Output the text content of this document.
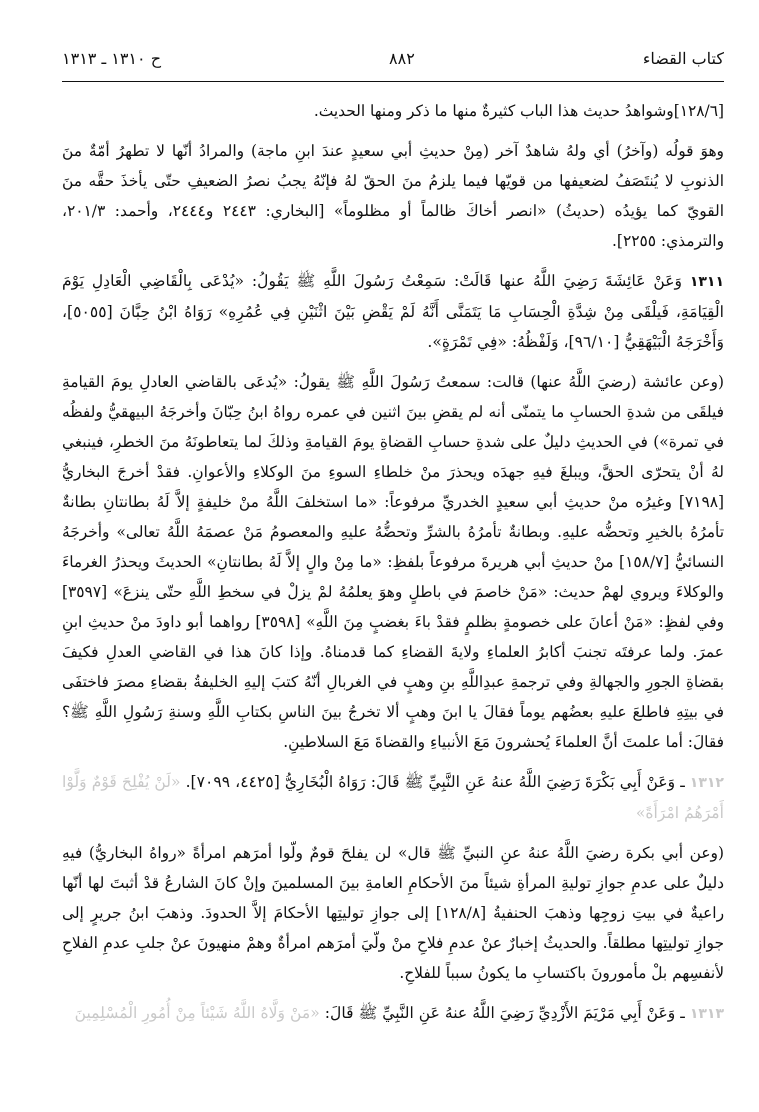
ح ١٣١٠ ـ ١٣١٣	٨٨٢	كتاب القضاء

[١٢٨/٦]وشواهدُ حديث هذا الباب كثيرةٌ منها ما ذكر ومنها الحديث.

وهوَ قولُه (وآخرُ) أي ولهُ شاهدٌ آخر (مِنْ حديثِ أبي سعيدٍ عندَ ابنِ ماجة) والمرادُ أنّها لا تطهرُ أمّةٌ منَ الذنوبِ لا يُنتَصَفُ لضعيفها من قويّها فيما يلزمُ منَ الحقّ لهُ فإنّهُ يجبُ نصرُ الضعيفِ حتّى يأخذَ حقَّه منَ القويّ كما يؤيدُه (حديثُ) «انصر أخاكَ ظالماً أو مظلوماً» [البخاري: ٢٤٤٣ و٢٤٤٤، وأحمد: ٢٠١/٣، والترمذي: ٢٢٥٥].

١٣١١ وَعَنْ عَائِشَةَ رَضِيَ اللَّهُ عنها قَالَتْ: سَمِعْتُ رَسُولَ اللَّهِ ﷺ يَقُولُ: «يُدْعَى بِالْقَاضِي الْعَادِلِ يَوْمَ الْقِيَامَةِ، فَيلْقَى مِنْ شِدَّةِ الْحِسَابِ مَا يَتَمَنَّى أَنَّهُ لَمْ يَقْضِ بَيْنَ اثْنَيْنِ فِي عُمُرِهِ» رَوَاهُ ابْنُ حِبَّانَ [٥٠٥٥]، وَأَخْرَجَهُ الْبَيْهَقِيُّ [٩٦/١٠]، وَلَفْظُهُ: «فِي تَمْرَةٍ».

(وعن عائشة (رضيَ اللَّهُ عنها) قالت: سمعتُ رَسُولَ اللَّهِ ﷺ يقولُ: «يُدعَى بالقاضي العادلِ يومَ القيامةِ فيلقَى من شدةِ الحسابِ ما يتمنّى أنه لم يقضِ بينَ اثنين في عمره رواهُ ابنُ حِبّانَ وأخرجَهُ البيهقيُّ ولفظُه في تمرة») في الحديثِ دليلٌ على شدةِ حسابِ القضاةِ يومَ القيامةِ وذلكَ لما يتعاطونَهُ منَ الخطرِ، فينبغي لهُ أنْ يتحرّى الحقَّ، ويبلغَ فيهِ جهدَه ويحذرَ منْ خلطاءِ السوءِ منَ الوكلاءِ والأعوانِ. فقدْ أخرجَ البخاريُّ [٧١٩٨] وغيرُه منْ حديثِ أبي سعيدٍ الخدريِّ مرفوعاً: «ما استخلفَ اللَّهُ منْ خليفةٍ إلاَّ لَهُ بطانتانِ بطانةٌ تأمرُهُ بالخيرِ وتحضُّه عليهِ. وبطانةٌ تأمرُهُ بالشرِّ وتحضُّهُ عليهِ والمعصومُ مَنْ عصمَهُ اللَّهُ تعالى» وأخرجَهُ النسائيُّ [١٥٨/٧] منْ حديثِ أبي هريرةَ مرفوعاً بلفظِ: «ما مِنْ والٍ إلاَّ لَهُ بطانتانِ» الحديثَ ويحذرُ الغرماءَ والوكلاءَ ويروي لهمْ حديث: «مَنْ خاصمَ في باطلٍ وهوَ يعلمُهُ لمْ يزلْ في سخطِ اللَّهِ حتّى ينزعَ» [٣٥٩٧] وفي لفظٍ: «مَنْ أعانَ على خصومةٍ بظلمٍ فقدْ باءَ بغضبٍ مِنَ اللَّهِ» [٣٥٩٨] رواهما أبو داودَ منْ حديثِ ابنِ عمرَ. ولما عرفتَه تجنبَ أكابرُ العلماءِ ولايةَ القضاءِ كما قدمناهُ. وإذا كانَ هذا في القاضي العدلِ فكيفَ بقضاةِ الجورِ والجهالةِ وفي ترجمةِ عبدِاللَّهِ بنِ وهبٍ في الغربالِ أنّهُ كتبَ إليهِ الخليفةُ بقضاءِ مصرَ فاختفَى في بيتِهِ فاطلعَ عليهِ بعضُهم يوماً فقالَ يا ابنَ وهبٍ ألا تخرجُ بينَ الناسِ بكتابِ اللَّهِ وسنةِ رَسُولِ اللَّهِ ﷺ؟ فقالَ: أما علمتَ أنَّ العلماءَ يُحشرونَ مَعَ الأنبياءِ والقضاةَ مَعَ السلاطينِ.

١٣١٢ ـ وَعَنْ أَبِي بَكْرَةَ رَضِيَ اللَّهُ عنهُ عَنِ النَّبِيِّ ﷺ قَالَ: رَوَاهُ الْبُخَارِيُّ [٤٤٢٥، ٧٠٩٩]. «لَنْ يُفْلِحَ قَوْمٌ وَلَّوْا أَمْرَهُمُ امْرَأَةً»

(وعن أبي بكرة رضيَ اللَّهُ عنهُ عنِ النبيِّ ﷺ قال» لن يفلحَ قومٌ ولّوا أمرَهم امرأةً «رواهُ البخاريُّ) فيهِ دليلٌ على عدمِ جوازِ توليةِ المرأةِ شيئاً منَ الأحكامِ العامةِ بينَ المسلمينَ وإنْ كانَ الشارعُ قدْ أثبتَ لها أنّها راعيةٌ في بيتِ زوجِها وذهبَ الحنفيةُ [١٢٨/٨] إلى جوازِ توليتِها الأحكامَ إلاَّ الحدودَ. وذهبَ ابنُ جريرٍ إلى جوازِ توليتِها مطلقاً. والحديثُ إخبارٌ عنْ عدمِ فلاحِ منْ ولّيَ أمرَهم امرأةٌ وهمْ منهيونَ عنْ جلبِ عدمِ الفلاحِ لأنفسِهم بلْ مأمورونَ باكتسابِ ما يكونُ سبباً للفلاحِ.

١٣١٣ ـ وَعَنْ أَبِي مَرْيَمَ الأَزْدِيِّ رَضِيَ اللَّهُ عنهُ عَنِ النَّبِيِّ ﷺ قَالَ: «مَنْ وَلَّاهُ اللَّهُ شَيْئاً مِنْ أُمُورِ الْمُسْلِمِينَ
